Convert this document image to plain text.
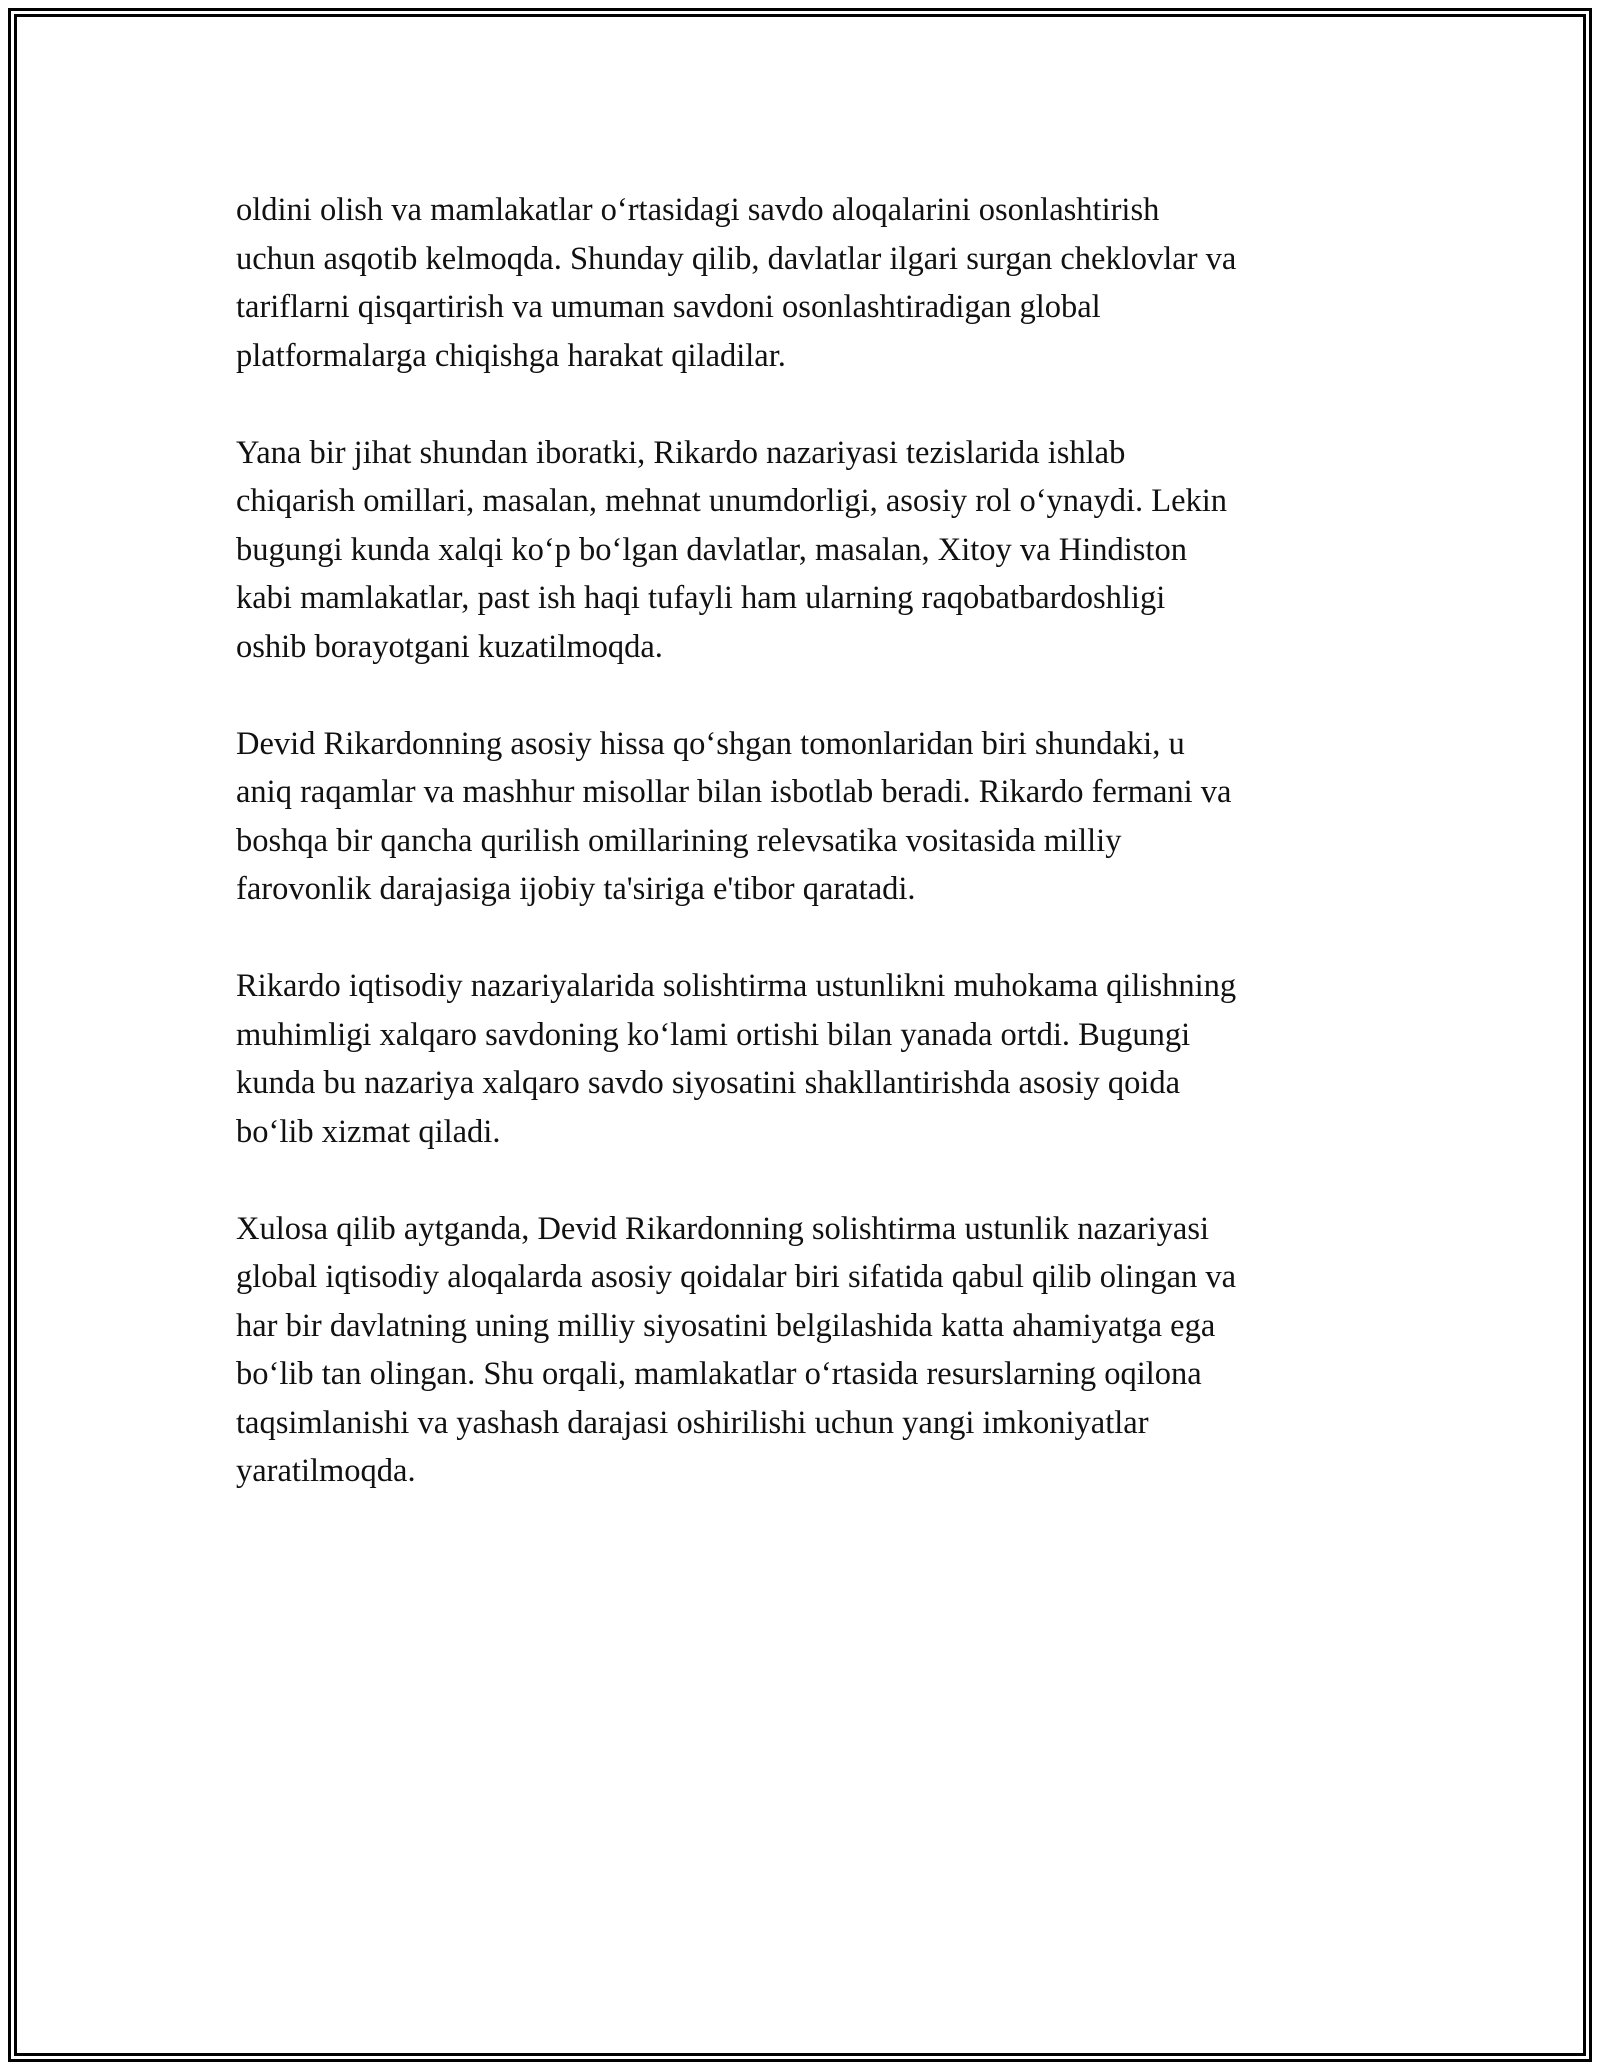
oldini olish va mamlakatlar o‘rtasidagi savdo aloqalarini osonlashtirish
uchun asqotib kelmoqda. Shunday qilib, davlatlar ilgari surgan cheklovlar va
tariflarni qisqartirish va umuman savdoni osonlashtiradigan global
platformalarga chiqishga harakat qiladilar.

Yana bir jihat shundan iboratki, Rikardo nazariyasi tezislarida ishlab
chiqarish omillari, masalan, mehnat unumdorligi, asosiy rol o‘ynaydi. Lekin
bugungi kunda xalqi ko‘p bo‘lgan davlatlar, masalan, Xitoy va Hindiston
kabi mamlakatlar, past ish haqi tufayli ham ularning raqobatbardoshligi
oshib borayotgani kuzatilmoqda.

Devid Rikardonning asosiy hissa qo‘shgan tomonlaridan biri shundaki, u
aniq raqamlar va mashhur misollar bilan isbotlab beradi. Rikardo fermani va
boshqa bir qancha qurilish omillarining relevsatika vositasida milliy
farovonlik darajasiga ijobiy ta'siriga e'tibor qaratadi.

Rikardo iqtisodiy nazariyalarida solishtirma ustunlikni muhokama qilishning
muhimligi xalqaro savdoning ko‘lami ortishi bilan yanada ortdi. Bugungi
kunda bu nazariya xalqaro savdo siyosatini shakllantirishda asosiy qoida
bo‘lib xizmat qiladi.

Xulosa qilib aytganda, Devid Rikardonning solishtirma ustunlik nazariyasi
global iqtisodiy aloqalarda asosiy qoidalar biri sifatida qabul qilib olingan va
har bir davlatning uning milliy siyosatini belgilashida katta ahamiyatga ega
bo‘lib tan olingan. Shu orqali, mamlakatlar o‘rtasida resurslarning oqilona
taqsimlanishi va yashash darajasi oshirilishi uchun yangi imkoniyatlar
yaratilmoqda.
